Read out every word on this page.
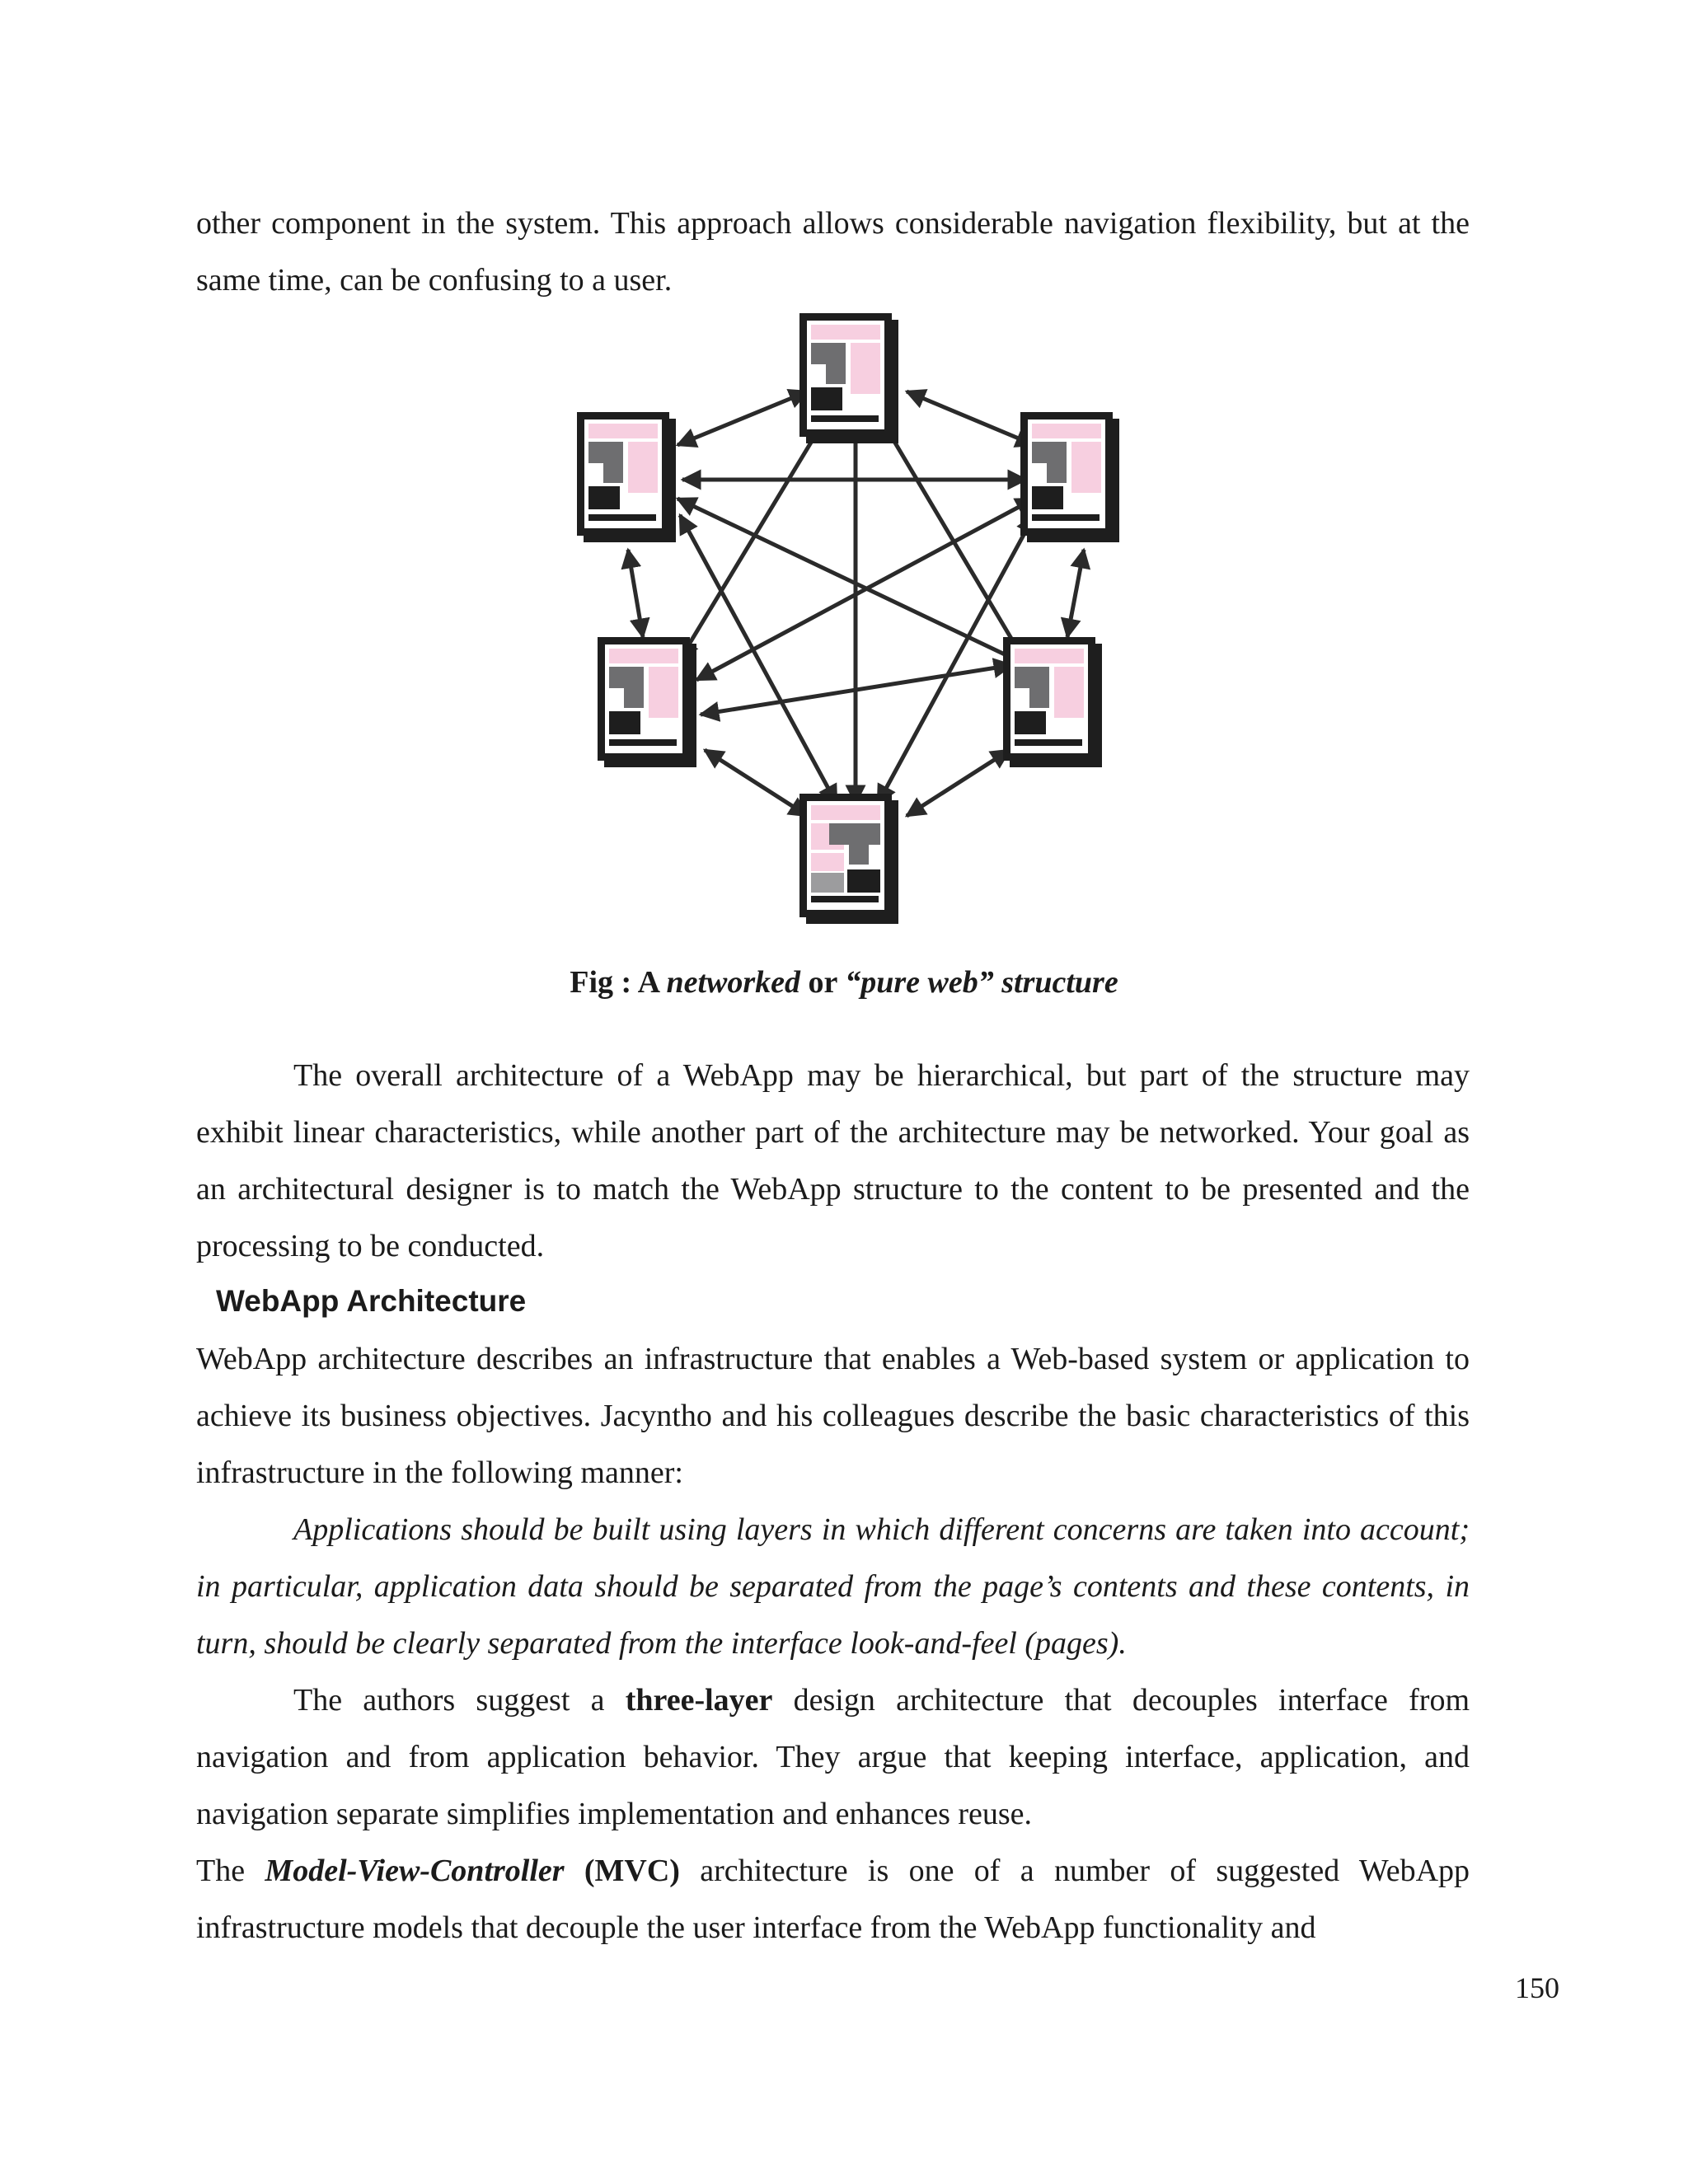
other component in the system. This approach allows considerable navigation flexibility, but at the same time, can be confusing to a user.

Fig : A networked or “pure web” structure

The overall architecture of a WebApp may be hierarchical, but part of the structure may exhibit linear characteristics, while another part of the architecture may be networked. Your goal as an architectural designer is to match the WebApp structure to the content to be presented and the processing to be conducted.

WebApp Architecture

WebApp architecture describes an infrastructure that enables a Web-based system or application to achieve its business objectives. Jacyntho and his colleagues describe the basic characteristics of this infrastructure in the following manner:

Applications should be built using layers in which different concerns are taken into account; in particular, application data should be separated from the page’s contents and these contents, in turn, should be clearly separated from the interface look-and-feel (pages).

The authors suggest a three-layer design architecture that decouples interface from navigation and from application behavior. They argue that keeping interface, application, and navigation separate simplifies implementation and enhances reuse.

The Model-View-Controller (MVC) architecture is one of a number of suggested WebApp infrastructure models that decouple the user interface from the WebApp functionality and

150
